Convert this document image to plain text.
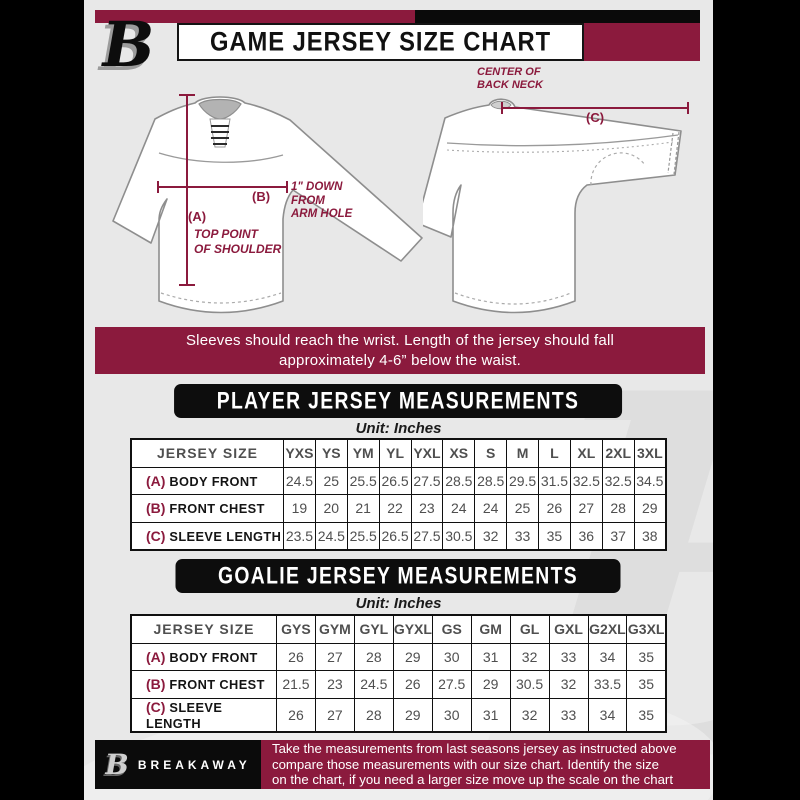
GAME JERSEY SIZE CHART
B	CENTER OF
BACK NECK
(C)
(B)
1" DOWN
FROM
ARM HOLE
(A)
TOP POINT
OF SHOULDER
Sleeves should reach the wrist. Length of the jersey should fall
approximately 4-6” below the waist.
PLAYER JERSEY MEASUREMENTS
Unit: Inches
JERSEY SIZE	YXS	YS	YM	YL	YXL	XS	S	M	L	XL	2XL	3XL
(A) BODY FRONT	24.5	25	25.5	26.5	27.5	28.5	28.5	29.5	31.5	32.5	32.5	34.5
(B) FRONT CHEST	19	20	21	22	23	24	24	25	26	27	28	29
(C) SLEEVE LENGTH	23.5	24.5	25.5	26.5	27.5	30.5	32	33	35	36	37	38
GOALIE JERSEY MEASUREMENTS
Unit: Inches
JERSEY SIZE	GYS	GYM	GYL	GYXL	GS	GM	GL	GXL	G2XL	G3XL
(A) BODY FRONT	26	27	28	29	30	31	32	33	34	35
(B) FRONT CHEST	21.5	23	24.5	26	27.5	29	30.5	32	33.5	35
(C) SLEEVE LENGTH	26	27	28	29	30	31	32	33	34	35
B BREAKAWAY
Take the measurements from last seasons jersey as instructed above
compare those measurements with our size chart. Identify the size
on the chart, if you need a larger size move up the scale on the chart
